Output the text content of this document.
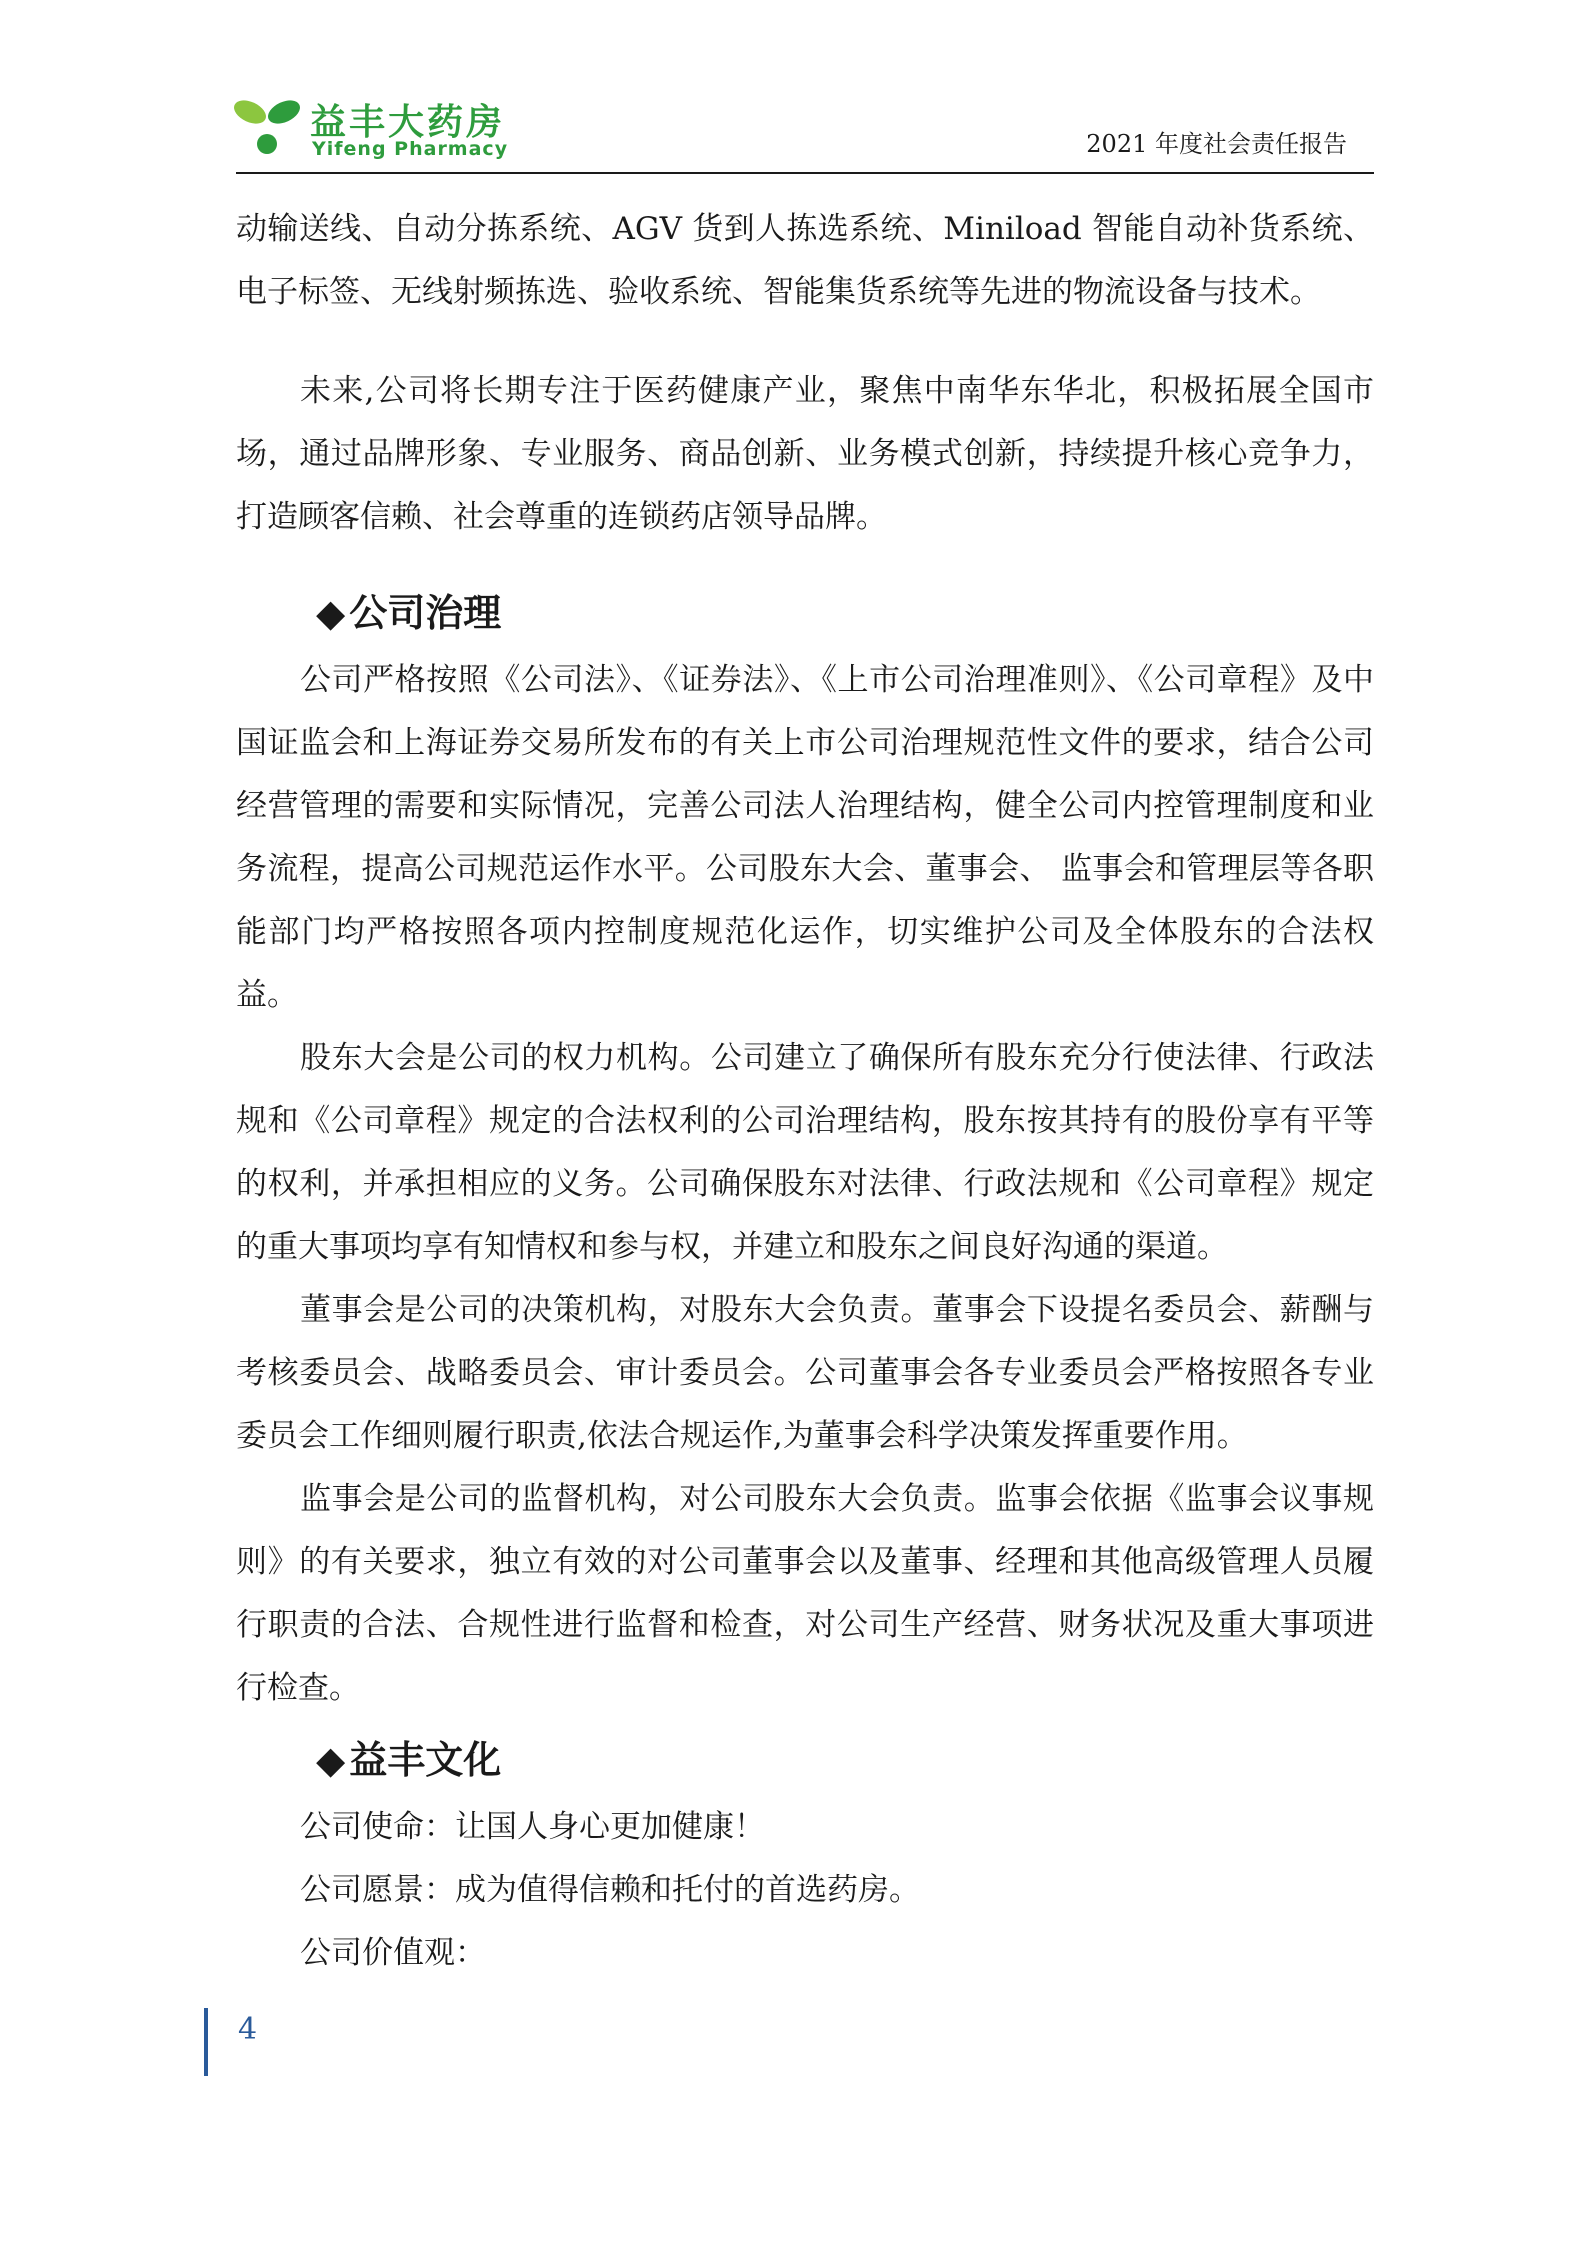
益丰大药房
Yifeng Pharmacy	2021 年度社会责任报告

动输送线、自动分拣系统、AGV 货到人拣选系统、Miniload 智能自动补货系统、电子标签、无线射频拣选、验收系统、智能集货系统等先进的物流设备与技术。

未来,公司将长期专注于医药健康产业，聚焦中南华东华北，积极拓展全国市场，通过品牌形象、专业服务、商品创新、业务模式创新，持续提升核心竞争力，打造顾客信赖、社会尊重的连锁药店领导品牌。

◆ 公司治理

公司严格按照《公司法》、《证券法》、《上市公司治理准则》、《公司章程》及中国证监会和上海证券交易所发布的有关上市公司治理规范性文件的要求，结合公司经营管理的需要和实际情况，完善公司法人治理结构，健全公司内控管理制度和业务流程，提高公司规范运作水平。公司股东大会、董事会、 监事会和管理层等各职能部门均严格按照各项内控制度规范化运作，切实维护公司及全体股东的合法权益。

股东大会是公司的权力机构。公司建立了确保所有股东充分行使法律、行政法规和《公司章程》规定的合法权利的公司治理结构，股东按其持有的股份享有平等的权利，并承担相应的义务。公司确保股东对法律、行政法规和《公司章程》规定的重大事项均享有知情权和参与权，并建立和股东之间良好沟通的渠道。

董事会是公司的决策机构，对股东大会负责。董事会下设提名委员会、薪酬与考核委员会、战略委员会、审计委员会。公司董事会各专业委员会严格按照各专业委员会工作细则履行职责,依法合规运作,为董事会科学决策发挥重要作用。

监事会是公司的监督机构，对公司股东大会负责。监事会依据《监事会议事规则》的有关要求，独立有效的对公司董事会以及董事、经理和其他高级管理人员履行职责的合法、合规性进行监督和检查，对公司生产经营、财务状况及重大事项进行检查。

◆ 益丰文化

公司使命：让国人身心更加健康！

公司愿景：成为值得信赖和托付的首选药房。

公司价值观：

4
